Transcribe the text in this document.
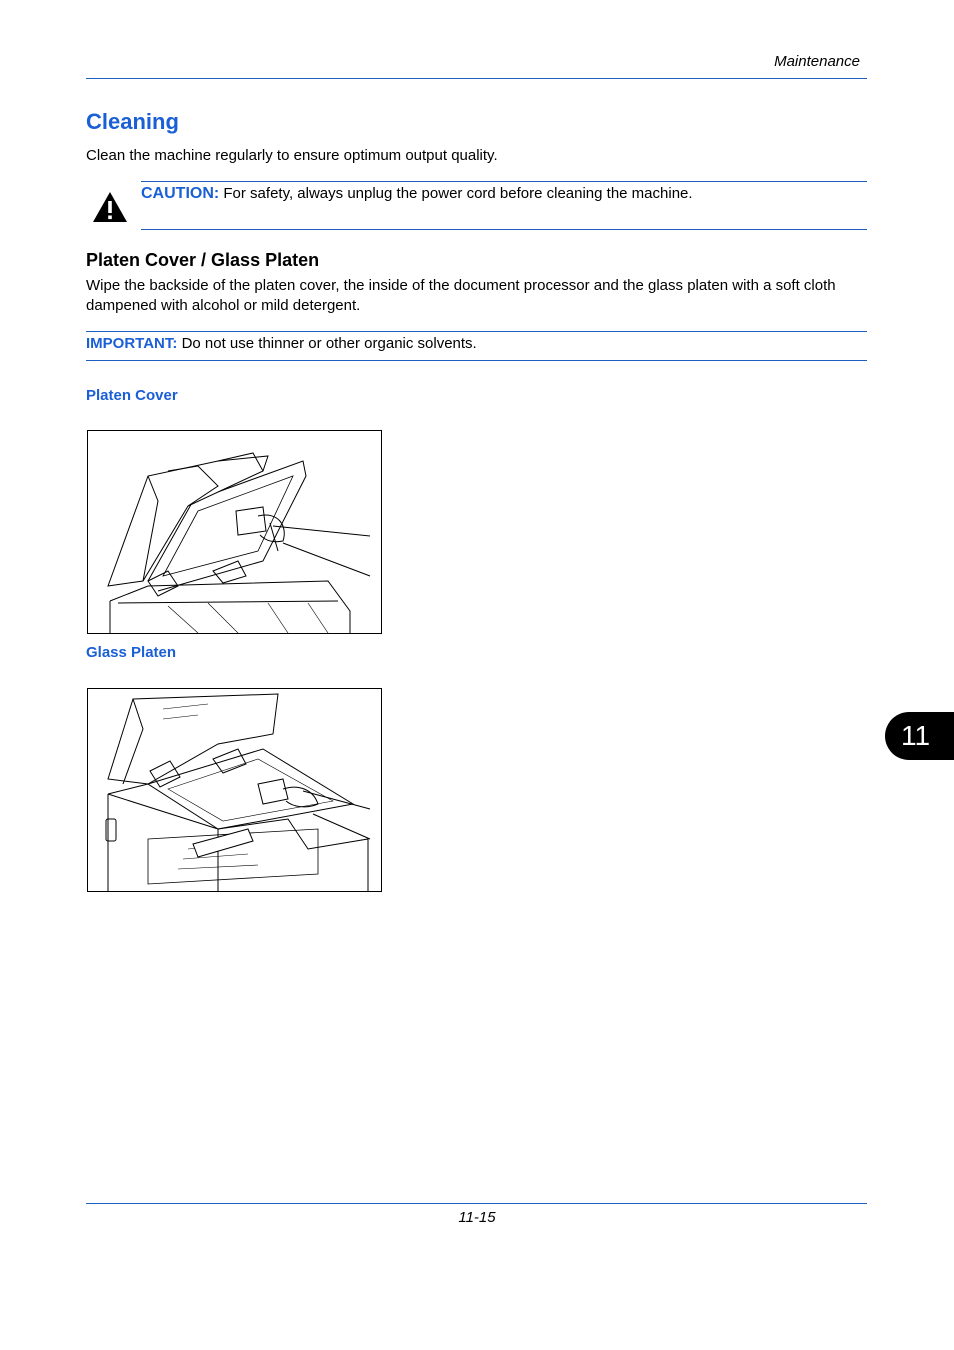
Maintenance
Cleaning
Clean the machine regularly to ensure optimum output quality.
CAUTION: For safety, always unplug the power cord before cleaning the machine.
Platen Cover / Glass Platen
Wipe the backside of the platen cover, the inside of the document processor and the glass platen with a soft cloth dampened with alcohol or mild detergent.
IMPORTANT: Do not use thinner or other organic solvents.
Platen Cover
Glass Platen
11
11-15
